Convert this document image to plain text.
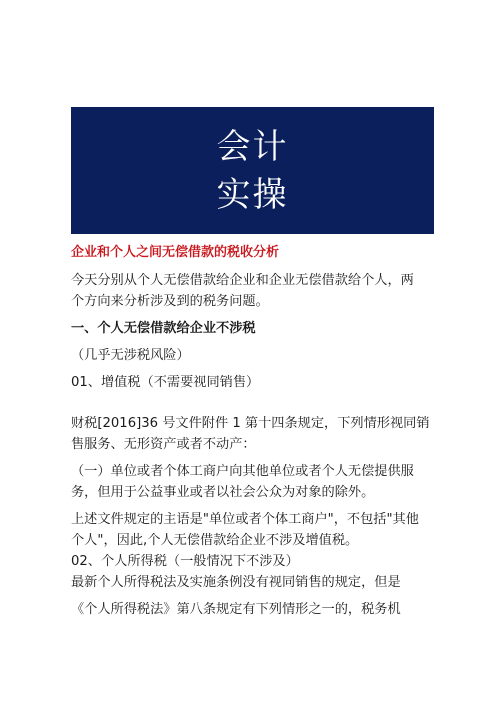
会计
实操
企业和个人之间无偿借款的税收分析
今天分别从个人无偿借款给企业和企业无偿借款给个人，两
个方向来分析涉及到的税务问题。
一、个人无偿借款给企业不涉税
（几乎无涉税风险）
01、增值税（不需要视同销售）
财税[2016]36 号文件附件 1 第十四条规定，下列情形视同销
售服务、无形资产或者不动产：
（一）单位或者个体工商户向其他单位或者个人无偿提供服
务，但用于公益事业或者以社会公众为对象的除外。
上述文件规定的主语是"单位或者个体工商户"，不包括"其他
个人"，因此,个人无偿借款给企业不涉及增值税。
02、个人所得税（一般情况下不涉及）
最新个人所得税法及实施条例没有视同销售的规定，但是
《个人所得税法》第八条规定有下列情形之一的，税务机
